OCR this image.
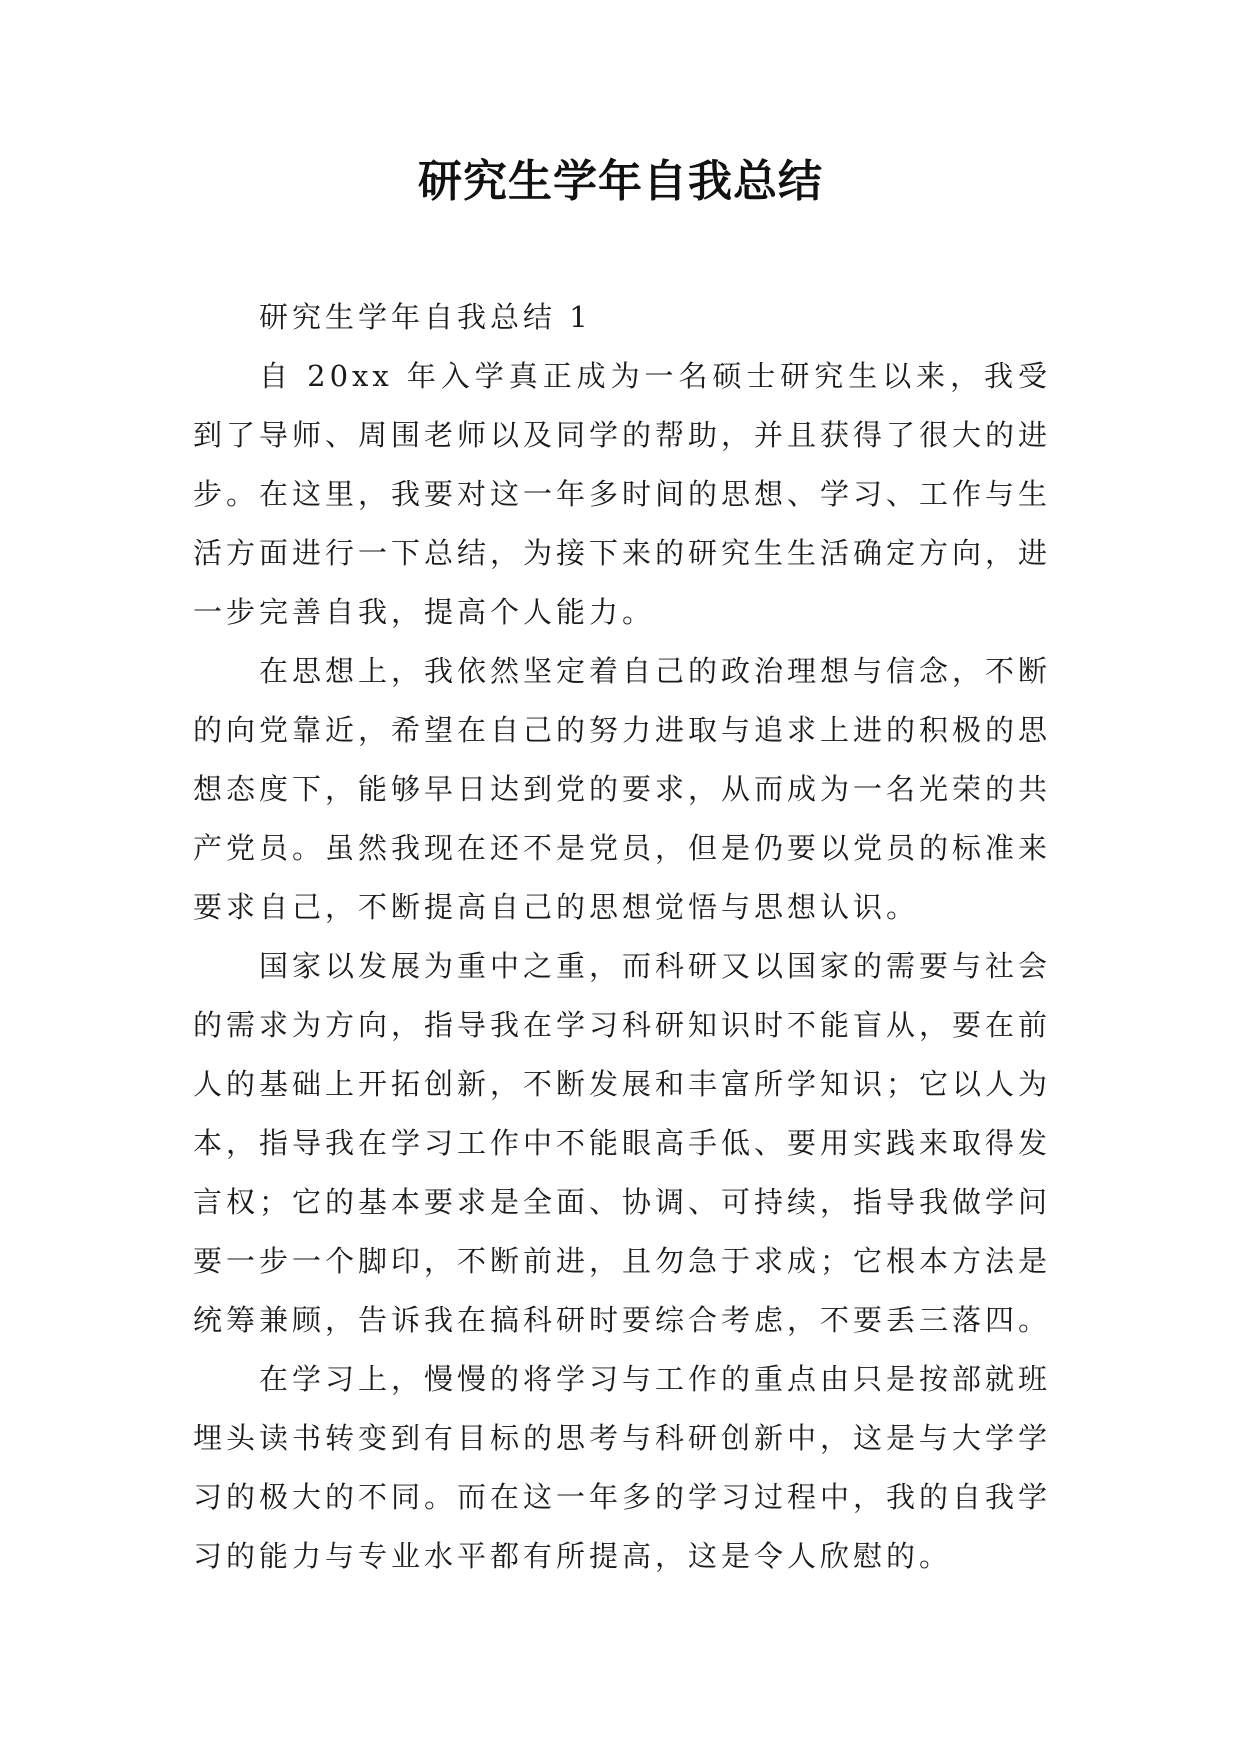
研究生学年自我总结

研究生学年自我总结 1

自 20xx 年入学真正成为一名硕士研究生以来，我受到了导师、周围老师以及同学的帮助，并且获得了很大的进步。在这里，我要对这一年多时间的思想、学习、工作与生活方面进行一下总结，为接下来的研究生生活确定方向，进一步完善自我，提高个人能力。

在思想上，我依然坚定着自己的政治理想与信念，不断的向党靠近，希望在自己的努力进取与追求上进的积极的思想态度下，能够早日达到党的要求，从而成为一名光荣的共产党员。虽然我现在还不是党员，但是仍要以党员的标准来要求自己，不断提高自己的思想觉悟与思想认识。

国家以发展为重中之重，而科研又以国家的需要与社会的需求为方向，指导我在学习科研知识时不能盲从，要在前人的基础上开拓创新，不断发展和丰富所学知识；它以人为本，指导我在学习工作中不能眼高手低、要用实践来取得发言权；它的基本要求是全面、协调、可持续，指导我做学问要一步一个脚印，不断前进，且勿急于求成；它根本方法是统筹兼顾，告诉我在搞科研时要综合考虑，不要丢三落四。

在学习上，慢慢的将学习与工作的重点由只是按部就班埋头读书转变到有目标的思考与科研创新中，这是与大学学习的极大的不同。而在这一年多的学习过程中，我的自我学习的能力与专业水平都有所提高，这是令人欣慰的。
